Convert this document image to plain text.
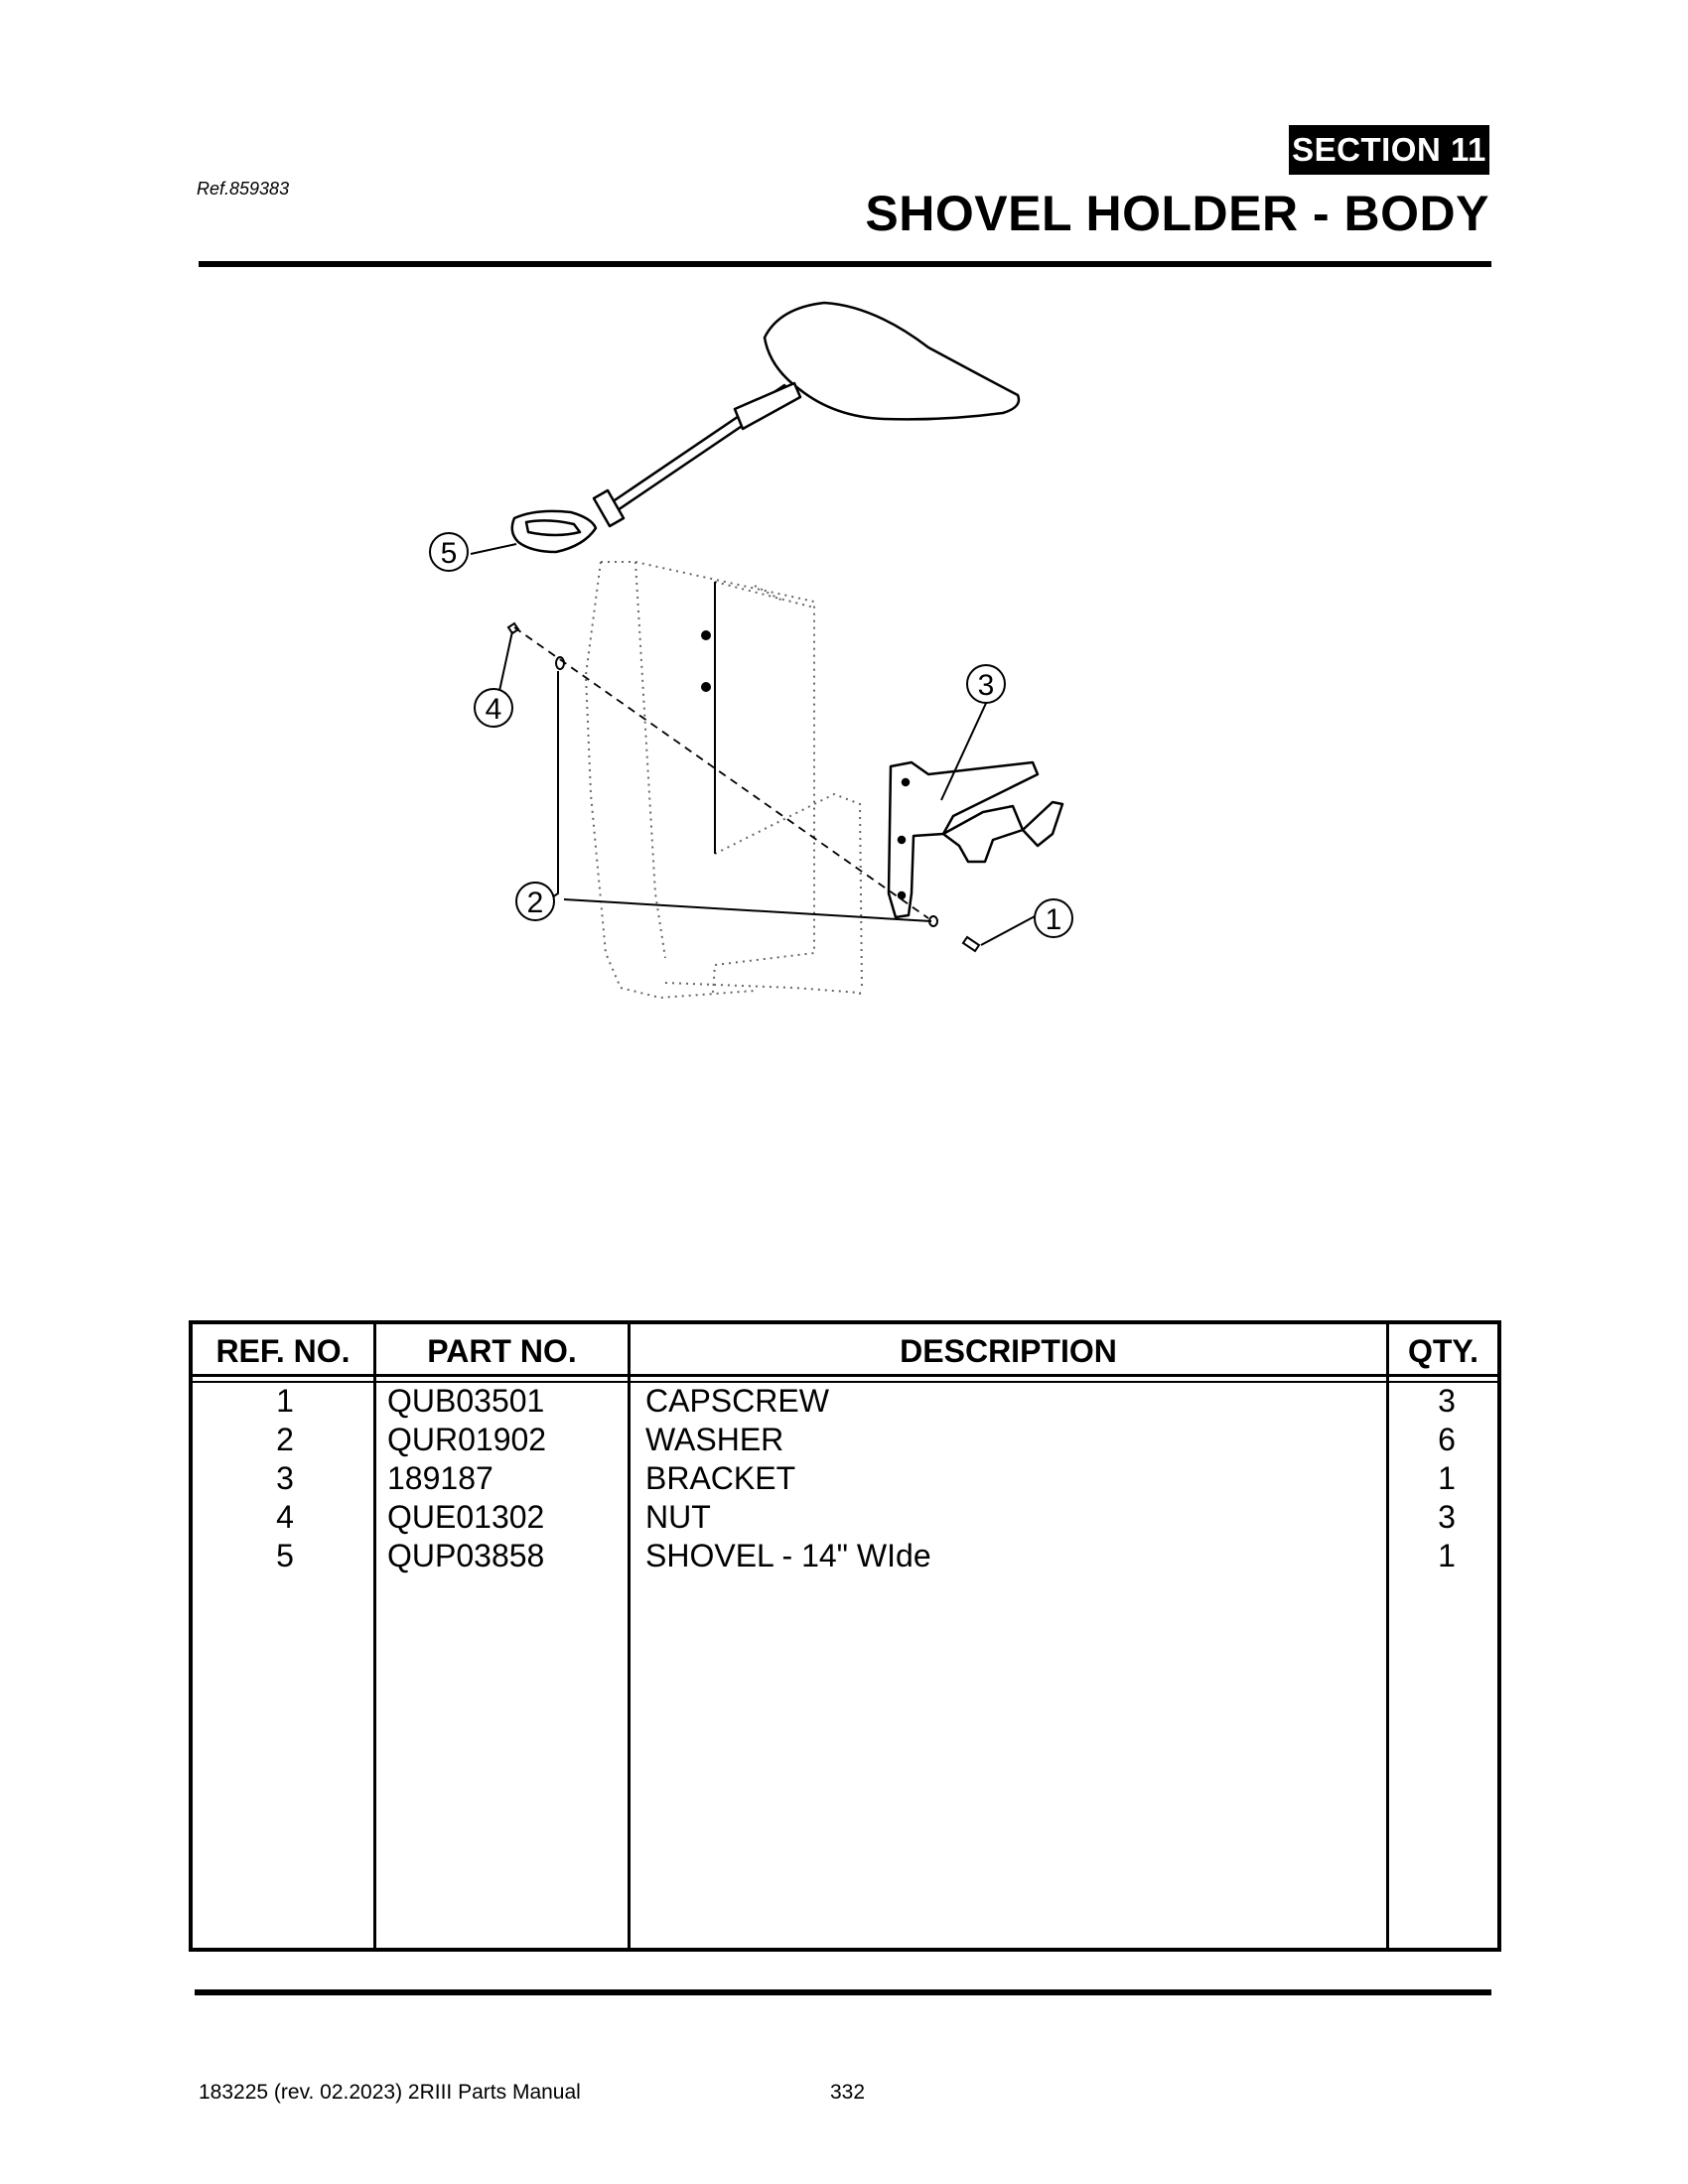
SECTION 11
Ref.859383	SHOVEL HOLDER - BODY
5
4
3
2
1
REF. NO.	PART NO.	DESCRIPTION	QTY.
1	QUB03501	CAPSCREW	3
2	QUR01902	WASHER	6
3	189187	BRACKET	1
4	QUE01302	NUT	3
5	QUP03858	SHOVEL - 14" WIde	1
183225 (rev. 02.2023) 2RIII Parts Manual	332
